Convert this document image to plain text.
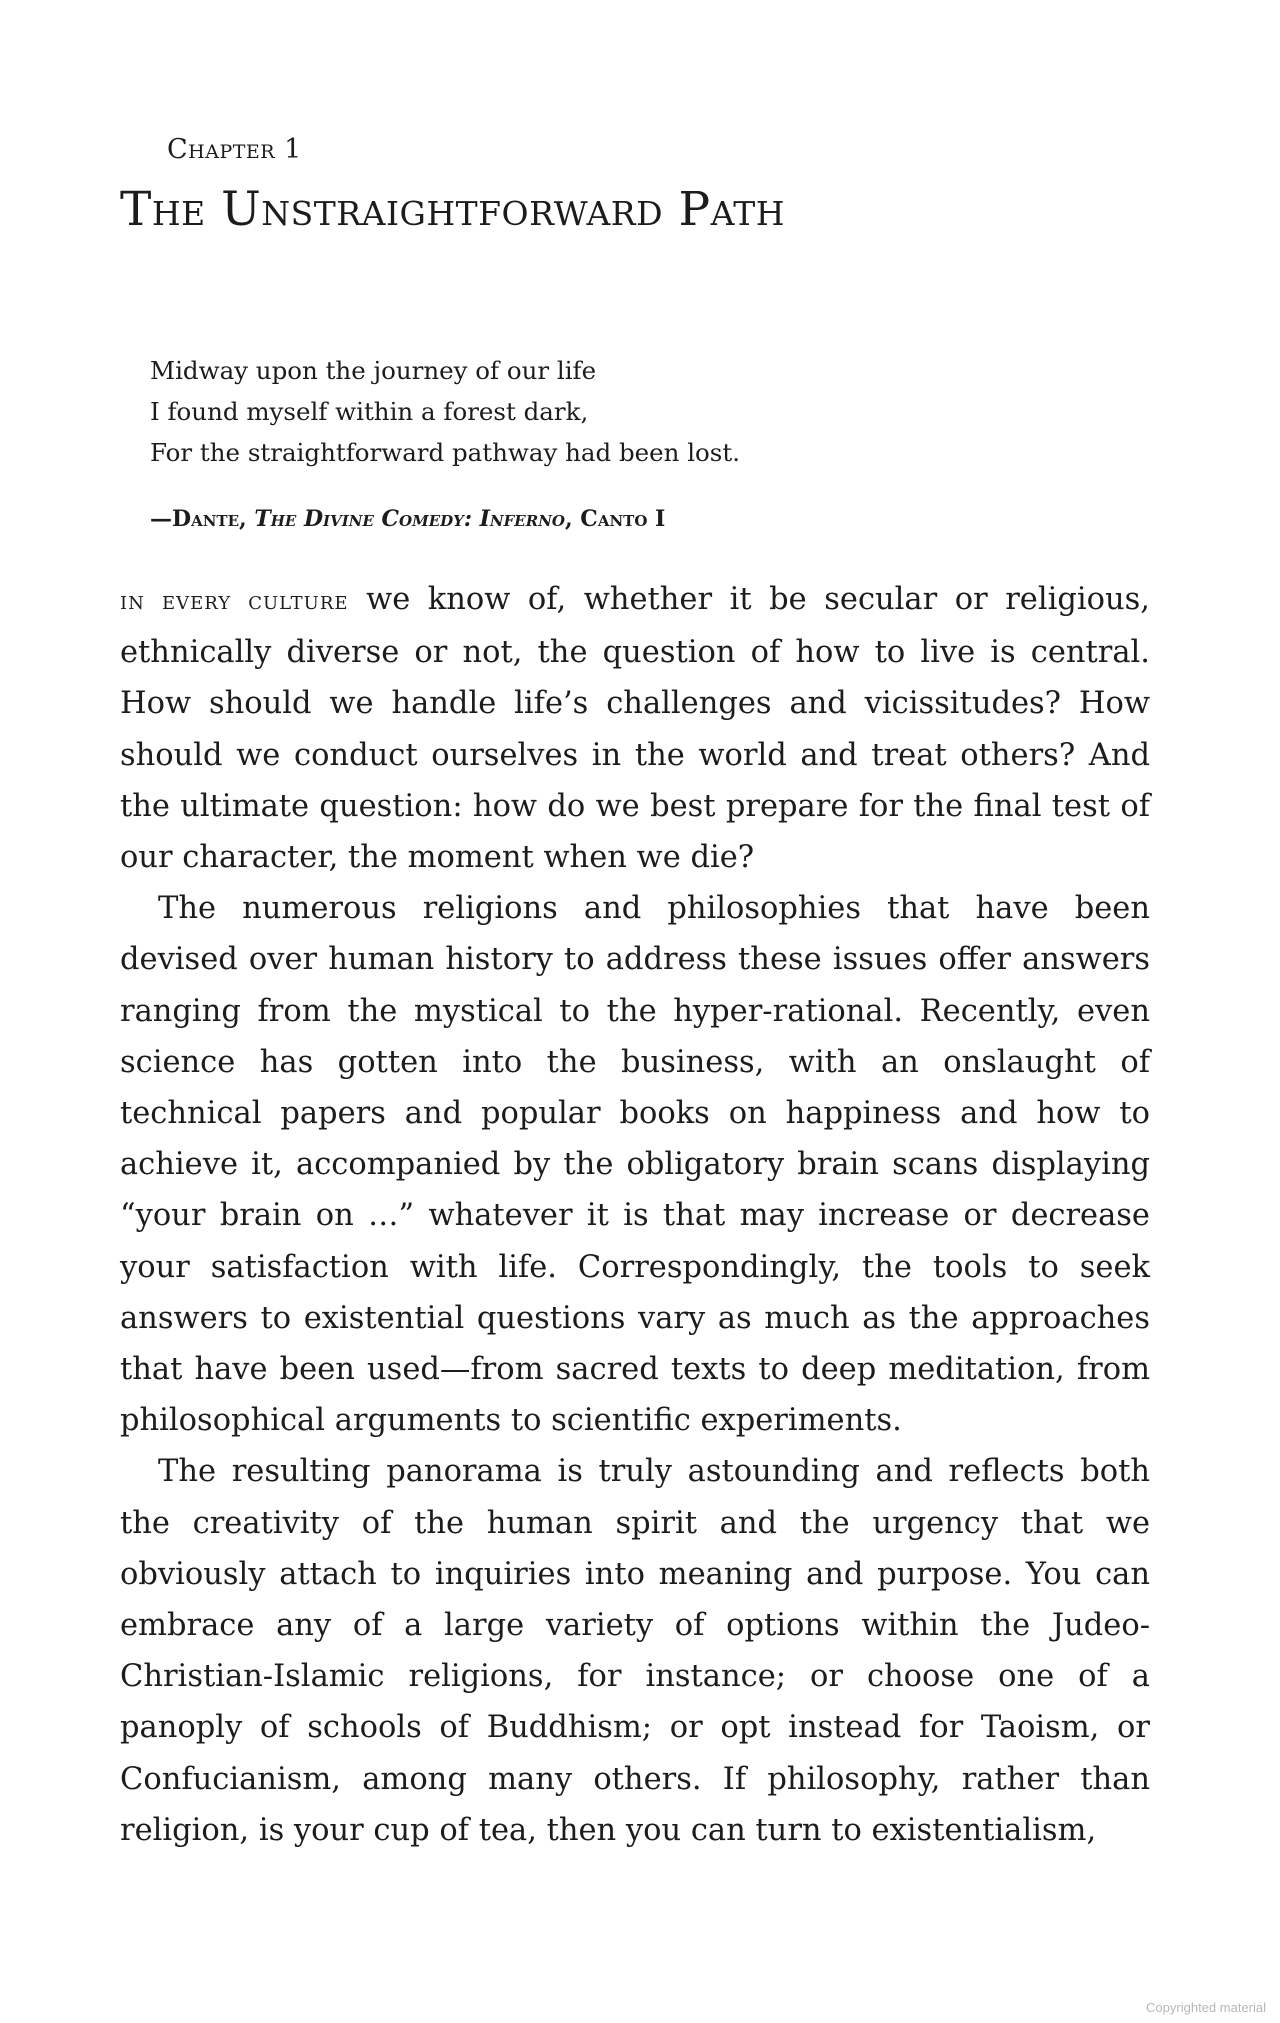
Chapter 1
The Unstraightforward Path
Midway upon the journey of our life
I found myself within a forest dark,
For the straightforward pathway had been lost.
—Dante, The Divine Comedy: Inferno, Canto I

in every culture we know of, whether it be secular or religious, ethnically diverse or not, the question of how to live is central. How should we handle life’s challenges and vicissitudes? How should we conduct ourselves in the world and treat others? And the ultimate question: how do we best prepare for the final test of our character, the moment when we die?

The numerous religions and philosophies that have been devised over human history to address these issues offer answers ranging from the mystical to the hyper-rational. Recently, even science has gotten into the business, with an onslaught of technical papers and popular books on happiness and how to achieve it, accompanied by the obligatory brain scans displaying “your brain on …” whatever it is that may increase or decrease your satisfaction with life. Correspondingly, the tools to seek answers to existential questions vary as much as the approaches that have been used—from sacred texts to deep meditation, from philosophical arguments to scientific experiments.

The resulting panorama is truly astounding and reflects both the creativity of the human spirit and the urgency that we obviously attach to inquiries into meaning and purpose. You can embrace any of a large variety of options within the Judeo-Christian-Islamic religions, for instance; or choose one of a panoply of schools of Buddhism; or opt instead for Taoism, or Confucianism, among many others. If philosophy, rather than religion, is your cup of tea, then you can turn to existentialism,

Copyrighted material
